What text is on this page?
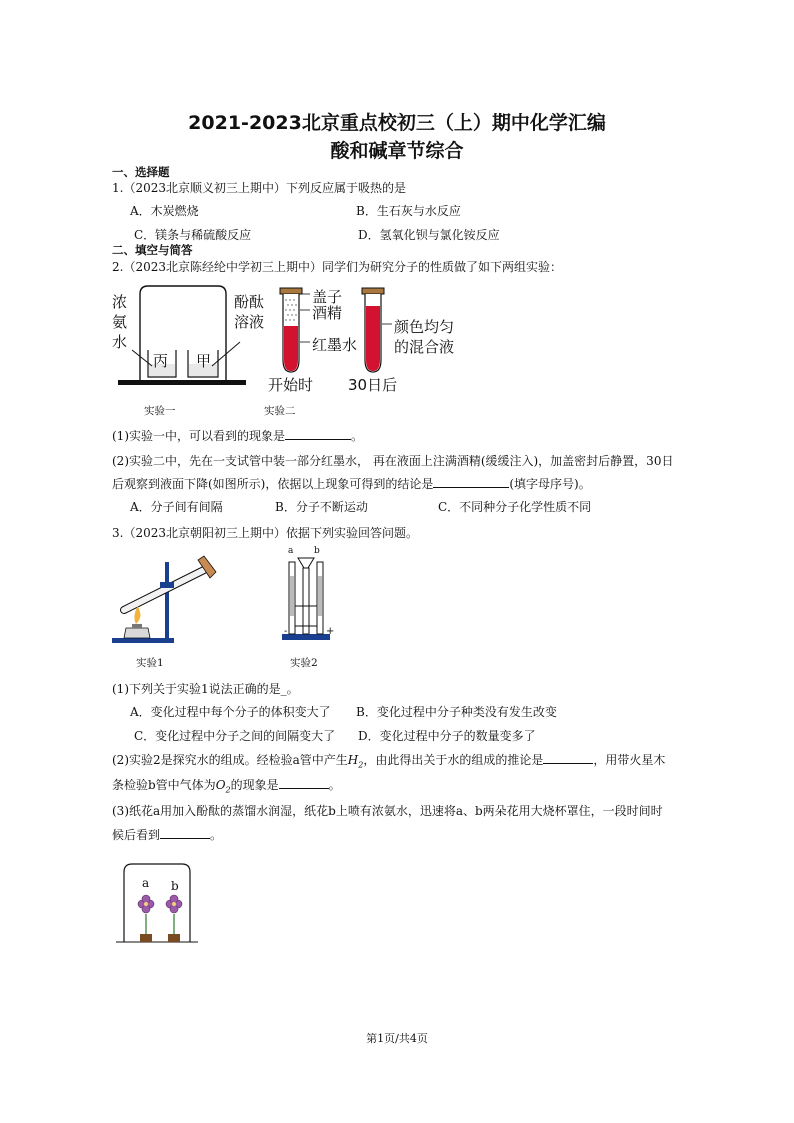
2021-2023北京重点校初三（上）期中化学汇编
酸和碱章节综合
一、选择题
1.（2023北京顺义初三上期中）下列反应属于吸热的是
A．木炭燃烧	B．生石灰与水反应
C．镁条与稀硫酸反应	D．氢氧化钡与氯化铵反应
二、填空与简答
2.（2023北京陈经纶中学初三上期中）同学们为研究分子的性质做了如下两组实验：
浓
氨
水
酚酞
溶液
丙 甲
盖子
酒精
红墨水
颜色均匀
的混合液
开始时 30日后
实验一	实验二
(1)实验一中，可以看到的现象是	。
(2)实验二中，先在一支试管中装一部分红墨水， 再在液面上注满酒精(缓缓注入)，加盖密封后静置，30日
后观察到液面下降(如图所示)，依据以上现象可得到的结论是	(填字母序号)。
A．分子间有间隔	B．分子不断运动	C．不同种分子化学性质不同
3.（2023北京朝阳初三上期中）依据下列实验回答问题。
实验1
a b
-	+
实验2
(1)下列关于实验1说法正确的是_。
A．变化过程中每个分子的体积变大了 B．变化过程中分子种类没有发生改变
C．变化过程中分子之间的间隔变大了 D．变化过程中分子的数量变多了
(2)实验2是探究水的组成。经检验a管中产生$H_2$，由此得出关于水的组成的推论是	，用带火星木
条检验b管中气体为$O_2$的现象是	。
(3)纸花a用加入酚酞的蒸馏水润湿，纸花b上喷有浓氨水，迅速将a、b两朵花用大烧杯罩住，一段时间时
候后看到	。
a b
第1页/共4页
